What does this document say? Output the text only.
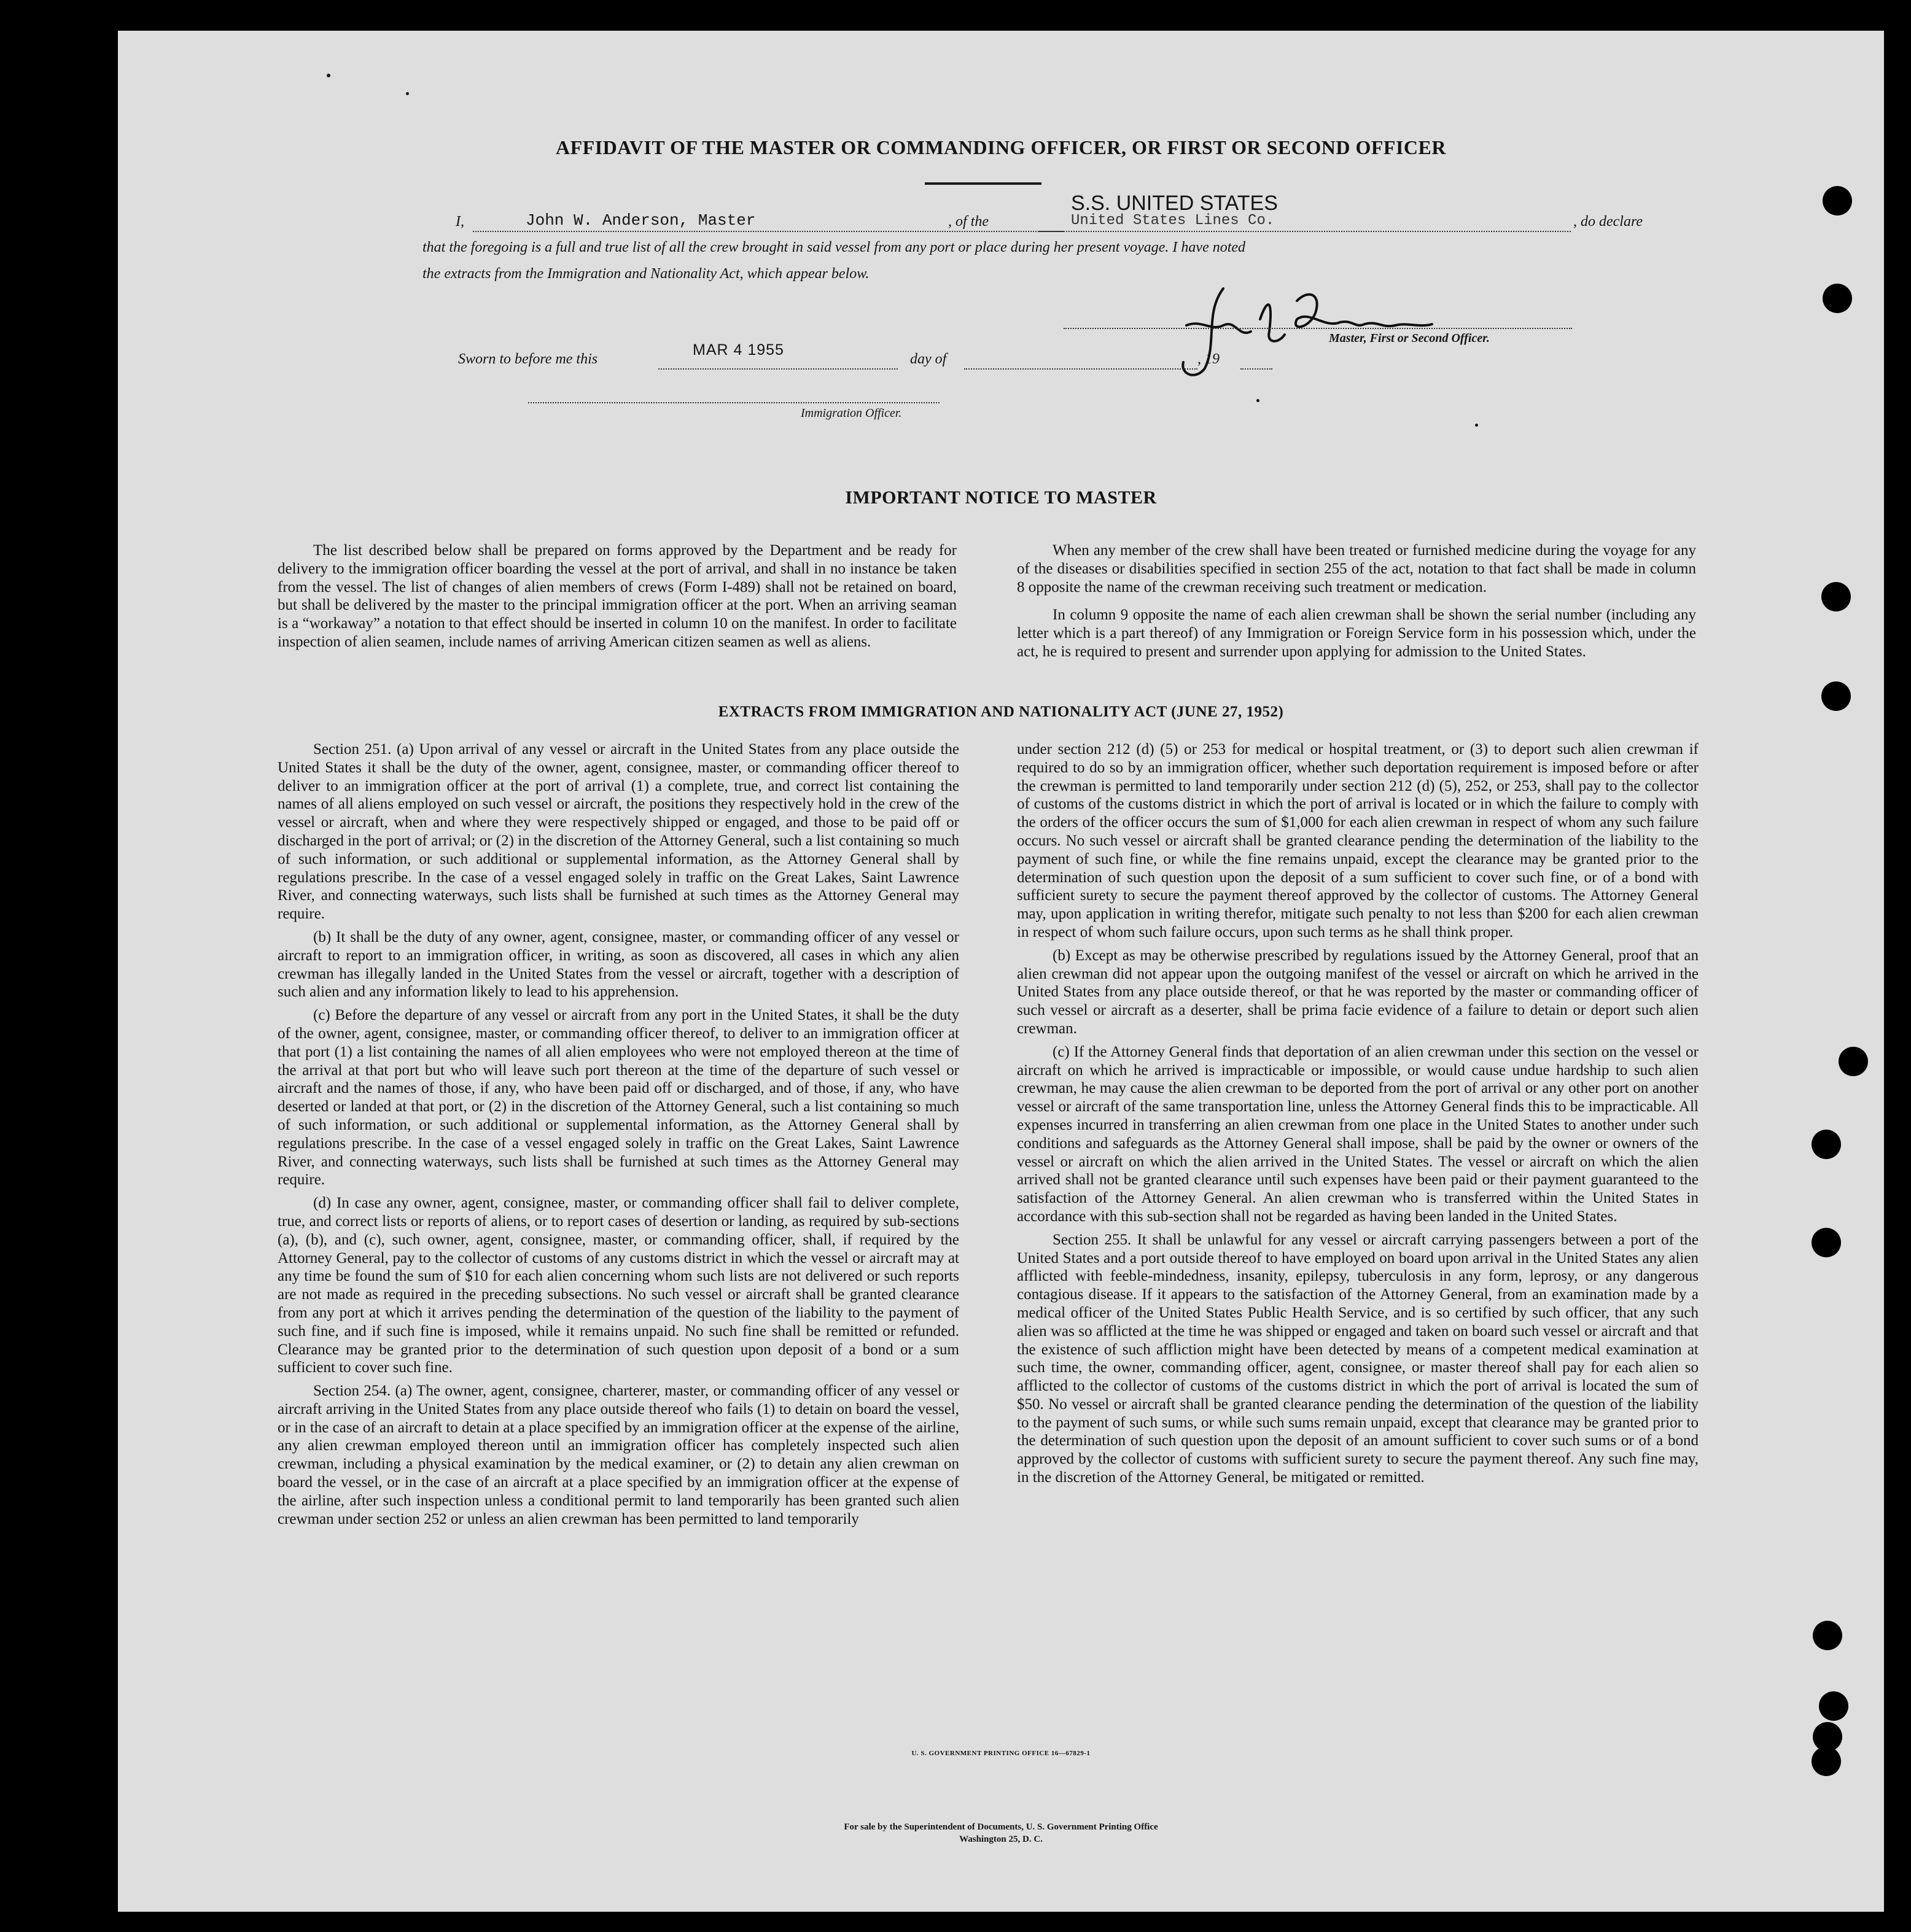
AFFIDAVIT OF THE MASTER OR COMMANDING OFFICER, OR FIRST OR SECOND OFFICER
I,	John W. Anderson, Master	, of the
S.S. UNITED STATES
United States Lines Co.	, do declare
that the foregoing is a full and true list of all the crew brought in said vessel from any port or place during her present voyage. I have noted
the extracts from the Immigration and Nationality Act, which appear below.
Master, First or Second Officer.
Sworn to before me this
MAR 4 1955
day of	, 19
Immigration Officer.
IMPORTANT NOTICE TO MASTER

The list described below shall be prepared on forms approved by the Department and be ready for delivery to the immigration officer boarding the vessel at the port of arrival, and shall in no instance be taken from the vessel. The list of changes of alien members of crews (Form I-489) shall not be retained on board, but shall be delivered by the master to the principal immigration officer at the port. When an arriving seaman is a “workaway” a notation to that effect should be inserted in column 10 on the manifest. In order to facilitate inspection of alien seamen, include names of arriving American citizen seamen as well as aliens.

When any member of the crew shall have been treated or furnished medicine during the voyage for any of the diseases or disabilities specified in section 255 of the act, notation to that fact shall be made in column 8 opposite the name of the crewman receiving such treatment or medication.

In column 9 opposite the name of each alien crewman shall be shown the serial number (including any letter which is a part thereof) of any Immigration or Foreign Service form in his possession which, under the act, he is required to present and surrender upon applying for admission to the United States.

EXTRACTS FROM IMMIGRATION AND NATIONALITY ACT (JUNE 27, 1952)

Section 251. (a) Upon arrival of any vessel or aircraft in the United States from any place outside the United States it shall be the duty of the owner, agent, consignee, master, or commanding officer thereof to deliver to an immigration officer at the port of arrival (1) a complete, true, and correct list containing the names of all aliens employed on such vessel or aircraft, the positions they respectively hold in the crew of the vessel or aircraft, when and where they were respectively shipped or engaged, and those to be paid off or discharged in the port of arrival; or (2) in the discretion of the Attorney General, such a list containing so much of such information, or such additional or supplemental information, as the Attorney General shall by regulations prescribe. In the case of a vessel engaged solely in traffic on the Great Lakes, Saint Lawrence River, and connecting waterways, such lists shall be furnished at such times as the Attorney General may require.

(b) It shall be the duty of any owner, agent, consignee, master, or commanding officer of any vessel or aircraft to report to an immigration officer, in writing, as soon as discovered, all cases in which any alien crewman has illegally landed in the United States from the vessel or aircraft, together with a description of such alien and any information likely to lead to his apprehension.

(c) Before the departure of any vessel or aircraft from any port in the United States, it shall be the duty of the owner, agent, consignee, master, or commanding officer thereof, to deliver to an immigration officer at that port (1) a list containing the names of all alien employees who were not employed thereon at the time of the arrival at that port but who will leave such port thereon at the time of the departure of such vessel or aircraft and the names of those, if any, who have been paid off or discharged, and of those, if any, who have deserted or landed at that port, or (2) in the discretion of the Attorney General, such a list containing so much of such information, or such additional or supplemental information, as the Attorney General shall by regulations prescribe. In the case of a vessel engaged solely in traffic on the Great Lakes, Saint Lawrence River, and connecting waterways, such lists shall be furnished at such times as the Attorney General may require.

(d) In case any owner, agent, consignee, master, or commanding officer shall fail to deliver complete, true, and correct lists or reports of aliens, or to report cases of desertion or landing, as required by sub-sections (a), (b), and (c), such owner, agent, consignee, master, or commanding officer, shall, if required by the Attorney General, pay to the collector of customs of any customs district in which the vessel or aircraft may at any time be found the sum of $10 for each alien concerning whom such lists are not delivered or such reports are not made as required in the preceding subsections. No such vessel or aircraft shall be granted clearance from any port at which it arrives pending the determination of the question of the liability to the payment of such fine, and if such fine is imposed, while it remains unpaid. No such fine shall be remitted or refunded. Clearance may be granted prior to the determination of such question upon deposit of a bond or a sum sufficient to cover such fine.

Section 254. (a) The owner, agent, consignee, charterer, master, or commanding officer of any vessel or aircraft arriving in the United States from any place outside thereof who fails (1) to detain on board the vessel, or in the case of an aircraft to detain at a place specified by an immigration officer at the expense of the airline, any alien crewman employed thereon until an immigration officer has completely inspected such alien crewman, including a physical examination by the medical examiner, or (2) to detain any alien crewman on board the vessel, or in the case of an aircraft at a place specified by an immigration officer at the expense of the airline, after such inspection unless a conditional permit to land temporarily has been granted such alien crewman under section 252 or unless an alien crewman has been permitted to land temporarily

under section 212 (d) (5) or 253 for medical or hospital treatment, or (3) to deport such alien crewman if required to do so by an immigration officer, whether such deportation requirement is imposed before or after the crewman is permitted to land temporarily under section 212 (d) (5), 252, or 253, shall pay to the collector of customs of the customs district in which the port of arrival is located or in which the failure to comply with the orders of the officer occurs the sum of $1,000 for each alien crewman in respect of whom any such failure occurs. No such vessel or aircraft shall be granted clearance pending the determination of the liability to the payment of such fine, or while the fine remains unpaid, except the clearance may be granted prior to the determination of such question upon the deposit of a sum sufficient to cover such fine, or of a bond with sufficient surety to secure the payment thereof approved by the collector of customs. The Attorney General may, upon application in writing therefor, mitigate such penalty to not less than $200 for each alien crewman in respect of whom such failure occurs, upon such terms as he shall think proper.

(b) Except as may be otherwise prescribed by regulations issued by the Attorney General, proof that an alien crewman did not appear upon the outgoing manifest of the vessel or aircraft on which he arrived in the United States from any place outside thereof, or that he was reported by the master or commanding officer of such vessel or aircraft as a deserter, shall be prima facie evidence of a failure to detain or deport such alien crewman.

(c) If the Attorney General finds that deportation of an alien crewman under this section on the vessel or aircraft on which he arrived is impracticable or impossible, or would cause undue hardship to such alien crewman, he may cause the alien crewman to be deported from the port of arrival or any other port on another vessel or aircraft of the same transportation line, unless the Attorney General finds this to be impracticable. All expenses incurred in transferring an alien crewman from one place in the United States to another under such conditions and safeguards as the Attorney General shall impose, shall be paid by the owner or owners of the vessel or aircraft on which the alien arrived in the United States. The vessel or aircraft on which the alien arrived shall not be granted clearance until such expenses have been paid or their payment guaranteed to the satisfaction of the Attorney General. An alien crewman who is transferred within the United States in accordance with this sub-section shall not be regarded as having been landed in the United States.

Section 255. It shall be unlawful for any vessel or aircraft carrying passengers between a port of the United States and a port outside thereof to have employed on board upon arrival in the United States any alien afflicted with feeble-mindedness, insanity, epilepsy, tuberculosis in any form, leprosy, or any dangerous contagious disease. If it appears to the satisfaction of the Attorney General, from an examination made by a medical officer of the United States Public Health Service, and is so certified by such officer, that any such alien was so afflicted at the time he was shipped or engaged and taken on board such vessel or aircraft and that the existence of such affliction might have been detected by means of a competent medical examination at such time, the owner, commanding officer, agent, consignee, or master thereof shall pay for each alien so afflicted to the collector of customs of the customs district in which the port of arrival is located the sum of $50. No vessel or aircraft shall be granted clearance pending the determination of the question of the liability to the payment of such sums, or while such sums remain unpaid, except that clearance may be granted prior to the determination of such question upon the deposit of an amount sufficient to cover such sums or of a bond approved by the collector of customs with sufficient surety to secure the payment thereof. Any such fine may, in the discretion of the Attorney General, be mitigated or remitted.

U. S. GOVERNMENT PRINTING OFFICE 16—67829-1
For sale by the Superintendent of Documents, U. S. Government Printing Office
Washington 25, D. C.
